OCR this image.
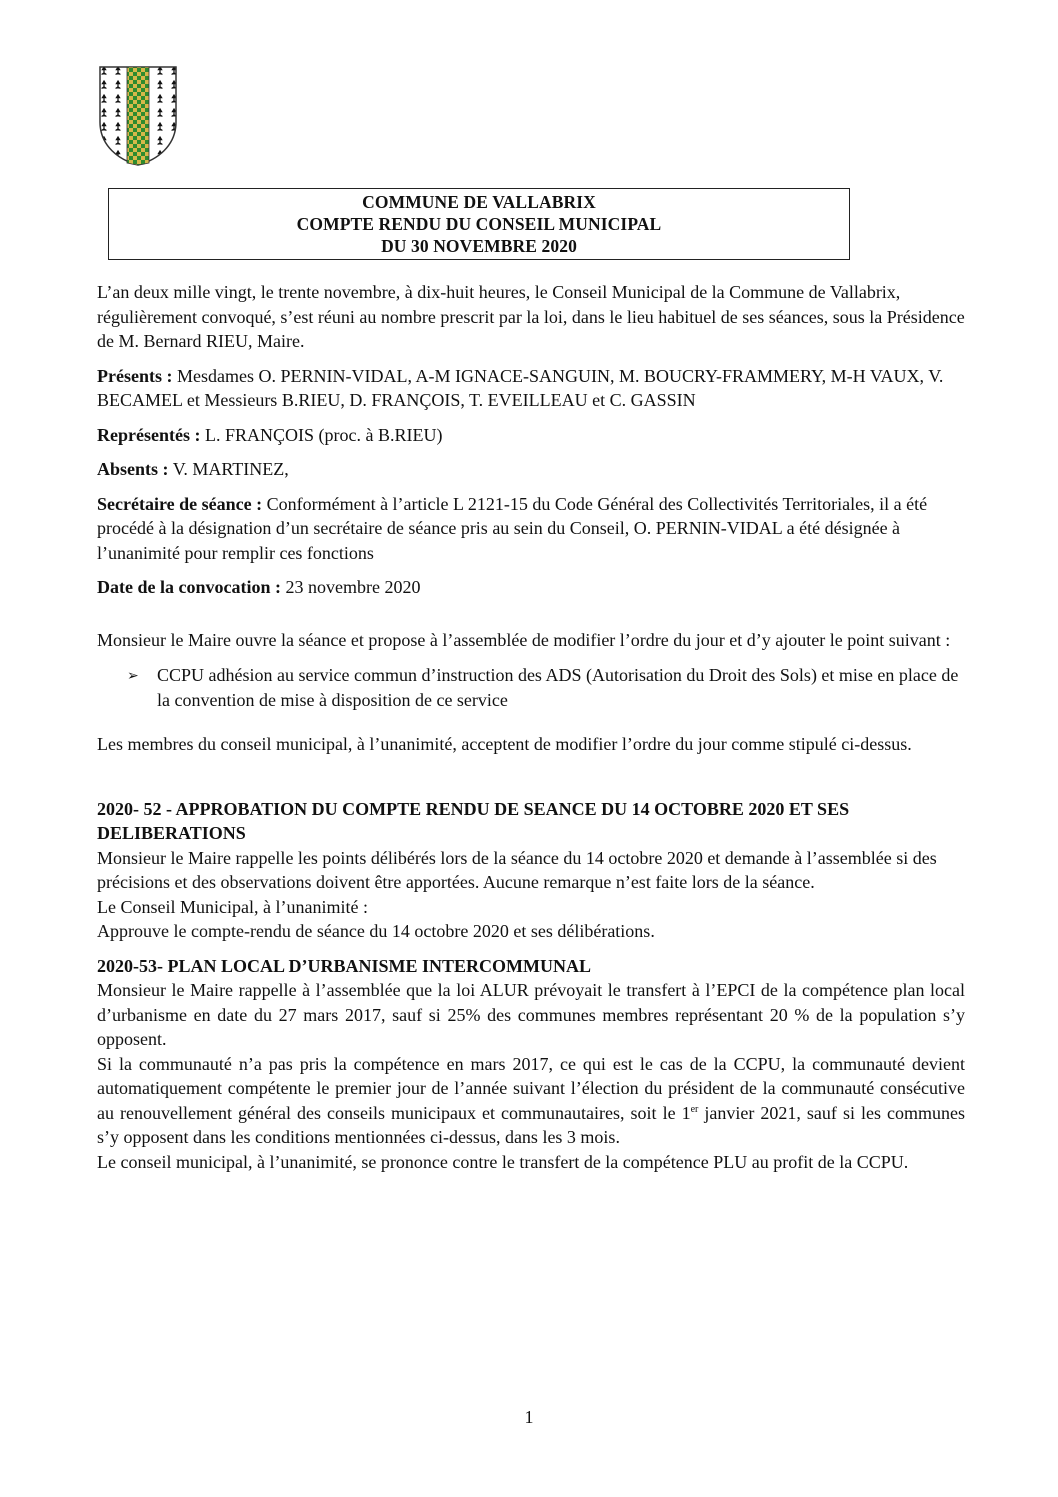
COMMUNE DE VALLABRIX
COMPTE RENDU DU CONSEIL MUNICIPAL
DU 30 NOVEMBRE 2020

L’an deux mille vingt, le trente novembre, à dix-huit heures, le Conseil Municipal de la Commune de Vallabrix, régulièrement convoqué, s’est réuni au nombre prescrit par la loi, dans le lieu habituel de ses séances, sous la Présidence de M. Bernard RIEU, Maire.

Présents : Mesdames O. PERNIN-VIDAL, A-M IGNACE-SANGUIN, M. BOUCRY-FRAMMERY, M-H VAUX, V. BECAMEL et Messieurs B.RIEU, D. FRANÇOIS, T. EVEILLEAU et C. GASSIN

Représentés : L. FRANÇOIS (proc. à B.RIEU)

Absents : V. MARTINEZ,

Secrétaire de séance : Conformément à l’article L 2121-15 du Code Général des Collectivités Territoriales, il a été procédé à la désignation d’un secrétaire de séance pris au sein du Conseil, O. PERNIN-VIDAL a été désignée à l’unanimité pour remplir ces fonctions

Date de la convocation : 23 novembre 2020

Monsieur le Maire ouvre la séance et propose à l’assemblée de modifier l’ordre du jour et d’y ajouter le point suivant :

➢	CCPU adhésion au service commun d’instruction des ADS (Autorisation du Droit des Sols) et mise en place de la convention de mise à disposition de ce service

Les membres du conseil municipal, à l’unanimité, acceptent de modifier l’ordre du jour comme stipulé ci-dessus.

2020- 52 - APPROBATION DU COMPTE RENDU DE SEANCE DU 14 OCTOBRE 2020 ET SES DELIBERATIONS

Monsieur le Maire rappelle les points délibérés lors de la séance du 14 octobre 2020 et demande à l’assemblée si des précisions et des observations doivent être apportées. Aucune remarque n’est faite lors de la séance.

Le Conseil Municipal, à l’unanimité :

Approuve le compte-rendu de séance du 14 octobre 2020 et ses délibérations.

2020-53- PLAN LOCAL D’URBANISME INTERCOMMUNAL

Monsieur le Maire rappelle à l’assemblée que la loi ALUR prévoyait le transfert à l’EPCI de la compétence plan local d’urbanisme en date du 27 mars 2017, sauf si 25% des communes membres représentant 20 % de la population s’y opposent.

Si la communauté n’a pas pris la compétence en mars 2017, ce qui est le cas de la CCPU, la communauté devient automatiquement compétente le premier jour de l’année suivant l’élection du président de la communauté consécutive au renouvellement général des conseils municipaux et communautaires, soit le 1er janvier 2021, sauf si les communes s’y opposent dans les conditions mentionnées ci-dessus, dans les 3 mois.

Le conseil municipal, à l’unanimité, se prononce contre le transfert de la compétence PLU au profit de la CCPU.

1
